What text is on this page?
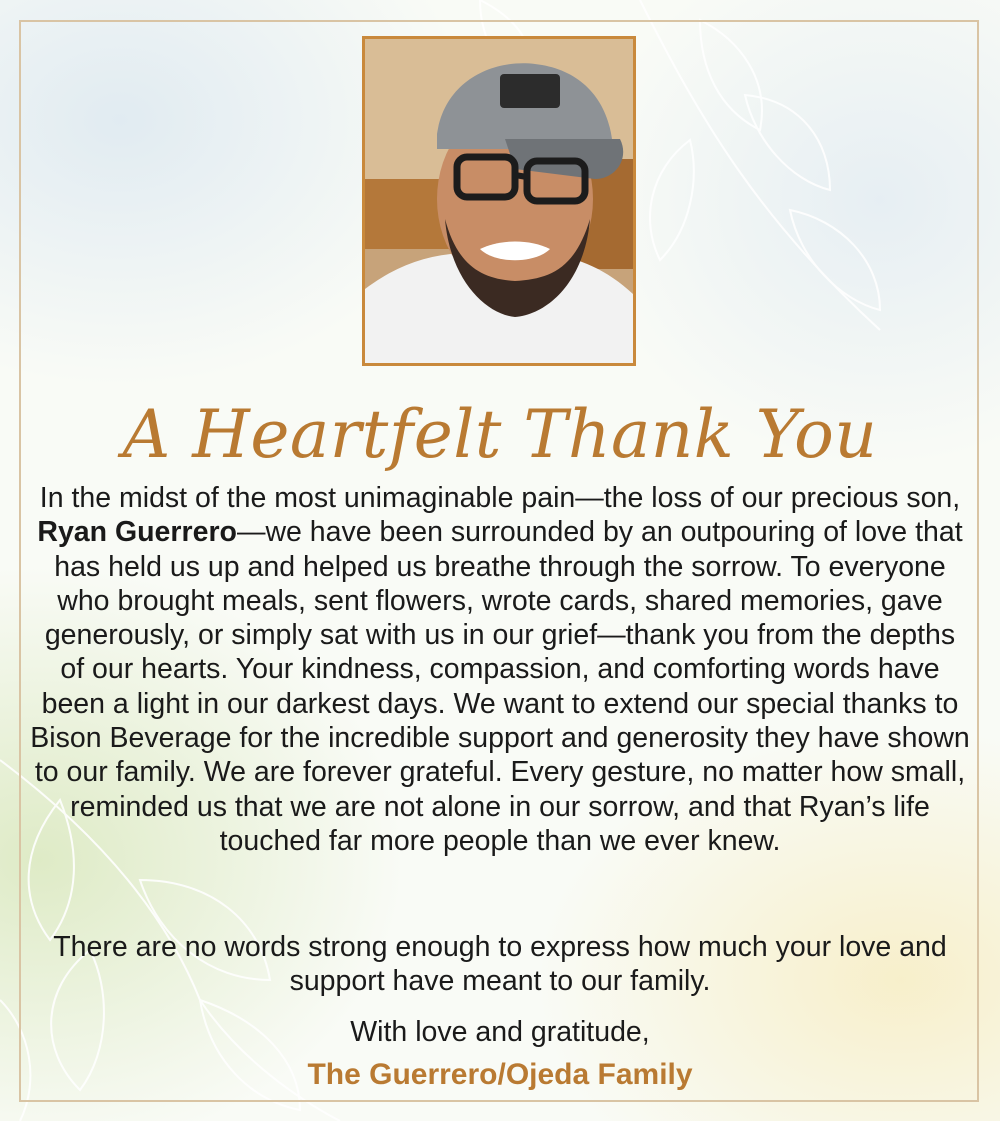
A Heartfelt Thank You
In the midst of the most unimaginable pain—the loss of our precious son, Ryan Guerrero—we have been surrounded by an outpouring of love that has held us up and helped us breathe through the sorrow. To everyone who brought meals, sent flowers, wrote cards, shared memories, gave generously, or simply sat with us in our grief—thank you from the depths of our hearts. Your kindness, compassion, and comforting words have been a light in our darkest days. We want to extend our special thanks to Bison Beverage for the incredible support and generosity they have shown to our family. We are forever grateful. Every gesture, no matter how small, reminded us that we are not alone in our sorrow, and that Ryan’s life touched far more people than we ever knew.
There are no words strong enough to express how much your love and support have meant to our family.
With love and gratitude,
The Guerrero/Ojeda Family
